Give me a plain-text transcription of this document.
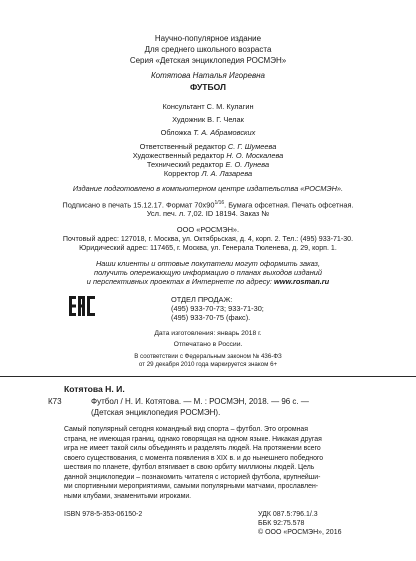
Научно-популярное издание
Для среднего школьного возраста
Серия «Детская энциклопедия РОСМЭН»
Котятова Наталья Игоревна
ФУТБОЛ
Консультант С. М. Кулагин
Художник В. Г. Челак
Обложка Т. А. Абрамовских
Ответственный редактор С. Г. Шумеева
Художественный редактор Н. О. Москалева
Технический редактор Е. О. Лунева
Корректор Л. А. Лазарева
Издание подготовлено в компьютерном центре издательства «РОСМЭН».
Подписано в печать 15.12.17. Формат $70x90^{1/16}$. Бумага офсетная. Печать офсетная.
Усл. печ. л. 7,02. ID 18194. Заказ №
ООО «РОСМЭН».
Почтовый адрес: 127018, г. Москва, ул. Октябрьская, д. 4, корп. 2. Тел.: (495) 933-71-30.
Юридический адрес: 117465, г. Москва, ул. Генерала Тюленева, д. 29, корп. 1.
Наши клиенты и оптовые покупатели могут оформить заказ,
получить опережающую информацию о планах выходов изданий
и перспективных проектах в Интернете по адресу: www.rosman.ru
ОТДЕЛ ПРОДАЖ:
(495) 933-70-73; 933-71-30;
(495) 933-70-75 (факс).
Дата изготовления: январь 2018 г.
Отпечатано в России.
В соответствии с Федеральным законом № 436-ФЗ
от 29 декабря 2010 года маркируется знаком 6+
Котятова Н. И.
К73	Футбол / Н. И. Котятова. — М. : РОСМЭН, 2018. — 96 с. —
(Детская энциклопедия РОСМЭН).
Самый популярный сегодня командный вид спорта – футбол. Это огромная
страна, не имеющая границ, однако говорящая на одном языке. Никакая другая
игра не имеет такой силы объединять и разделять людей. На протяжении всего
своего существования, с момента появления в XIX в. и до нынешнего победного
шествия по планете, футбол втягивает в свою орбиту миллионы людей. Цель
данной энциклопедии – познакомить читателя с историей футбола, крупнейши-
ми спортивными мероприятиями, самыми популярными матчами, прославлен-
ными клубами, знаменитыми игроками.
ISBN 978-5-353-06150-2	УДК 087.5:796.1/.3
ББК 92:75.578
© ООО «РОСМЭН», 2016
